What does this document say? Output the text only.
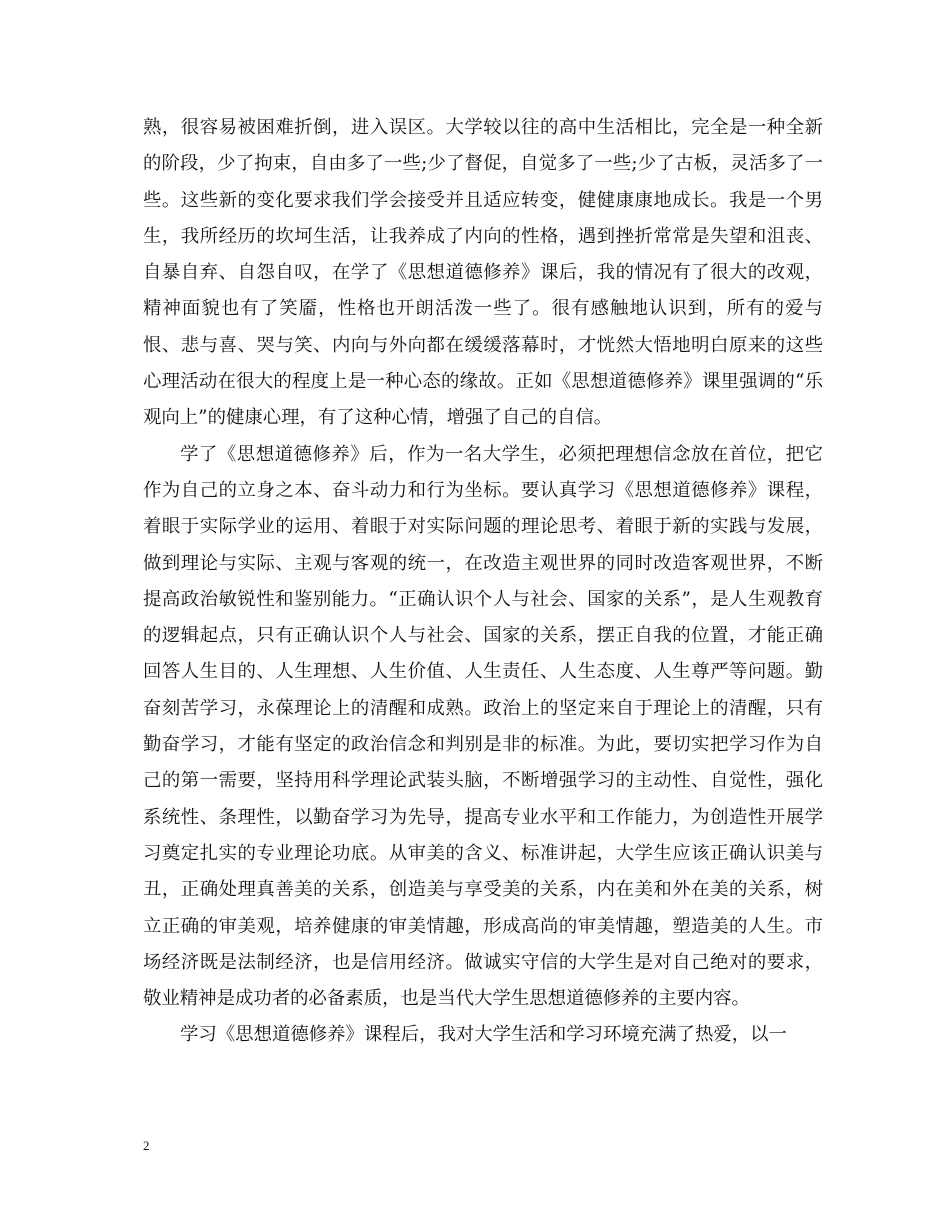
熟，很容易被困难折倒，进入误区。大学较以往的高中生活相比，完全是一种全新的阶段，少了拘束，自由多了一些;少了督促，自觉多了一些;少了古板，灵活多了一些。这些新的变化要求我们学会接受并且适应转变，健健康康地成长。我是一个男生，我所经历的坎坷生活，让我养成了内向的性格，遇到挫折常常是失望和沮丧、自暴自弃、自怨自叹，在学了《思想道德修养》课后，我的情况有了很大的改观，精神面貌也有了笑靥，性格也开朗活泼一些了。很有感触地认识到，所有的爱与恨、悲与喜、哭与笑、内向与外向都在缓缓落幕时，才恍然大悟地明白原来的这些心理活动在很大的程度上是一种心态的缘故。正如《思想道德修养》课里强调的“乐观向上”的健康心理，有了这种心情，增强了自己的自信。

学了《思想道德修养》后，作为一名大学生，必须把理想信念放在首位，把它作为自己的立身之本、奋斗动力和行为坐标。要认真学习《思想道德修养》课程，着眼于实际学业的运用、着眼于对实际问题的理论思考、着眼于新的实践与发展，做到理论与实际、主观与客观的统一，在改造主观世界的同时改造客观世界，不断提高政治敏锐性和鉴别能力。“正确认识个人与社会、国家的关系”，是人生观教育的逻辑起点，只有正确认识个人与社会、国家的关系，摆正自我的位置，才能正确回答人生目的、人生理想、人生价值、人生责任、人生态度、人生尊严等问题。勤奋刻苦学习，永葆理论上的清醒和成熟。政治上的坚定来自于理论上的清醒，只有勤奋学习，才能有坚定的政治信念和判别是非的标准。为此，要切实把学习作为自己的第一需要，坚持用科学理论武装头脑，不断增强学习的主动性、自觉性，强化系统性、条理性，以勤奋学习为先导，提高专业水平和工作能力，为创造性开展学习奠定扎实的专业理论功底。从审美的含义、标准讲起，大学生应该正确认识美与丑，正确处理真善美的关系，创造美与享受美的关系，内在美和外在美的关系，树立正确的审美观，培养健康的审美情趣，形成高尚的审美情趣，塑造美的人生。市场经济既是法制经济，也是信用经济。做诚实守信的大学生是对自己绝对的要求，敬业精神是成功者的必备素质，也是当代大学生思想道德修养的主要内容。

学习《思想道德修养》课程后，我对大学生活和学习环境充满了热爱，以一

2
